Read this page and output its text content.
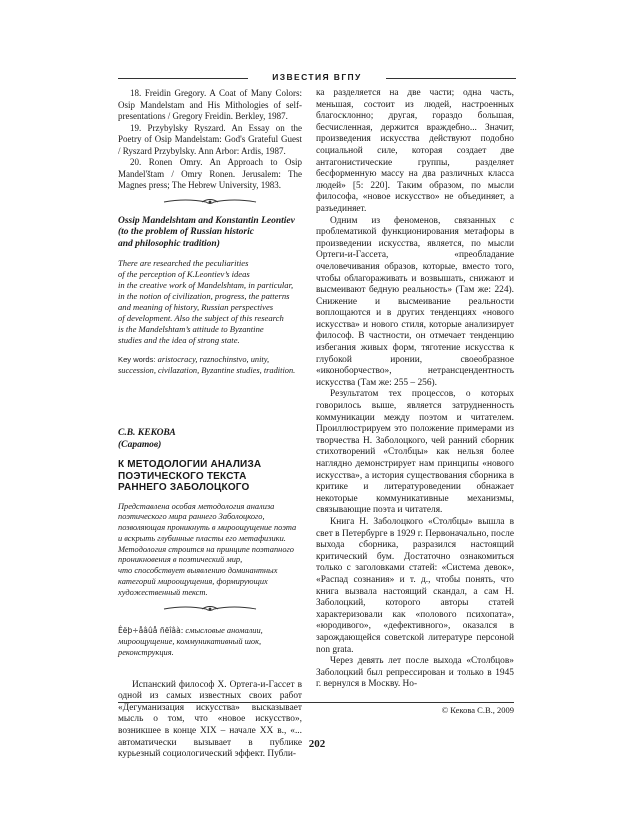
ИЗВЕСТИЯ ВГПУ

18. Freidin Gregory. A Coat of Many Colors: Osip Mandelstam and His Mithologies of self-presentations / Gregory Freidin. Berkley, 1987.

19. Przybylsky Ryszard. An Essay on the Poetry of Osip Mandelstam: God's Grateful Guest / Ryszard Przybylsky. Ann Arbor: Ardis, 1987.

20. Ronen Omry. An Approach to Osip Mandel'štam / Omry Ronen. Jerusalem: The Magnes press; The Hebrew University, 1983.

Ossip Mandelshtam and Konstantin Leontiev

(to the problem of Russian historic

and philosophic tradition)

There are researched the peculiarities
of the perception of K.Leontiev’s ideas
in the creative work of Mandelshtam, in particular,
in the notion of civilization, progress, the patterns
and meaning of history, Russian perspectives
of development. Also the subject of this research
is the Mandelshtam’s attitude to Byzantine
studies and the idea of strong state.

Key words: aristocracy, raznochinstvo, unity, succession, civilazation, Byzantine studies, tradition.

С.В. КЕКОВА

(Саратов)

К МЕТОДОЛОГИИ АНАЛИЗА

ПОЭТИЧЕСКОГО ТЕКСТА

РАННЕГО ЗАБОЛОЦКОГО

Представлена особая методология анализа
поэтического мира раннего Заболоцкого,
позволяющая проникнуть в мироощущение поэта
и вскрыть глубинные пласты его метафизики.
Методология строится на принципе поэтапного
проникновения в поэтический мир,
что способствует выявлению доминантных
категорий мироощущения, формирующих
художественный текст.

Êëþ÷åâûå ñëîâà: смысловые аномалии, мироощущение, коммуникативный шок, реконструкция.

Испанский философ Х. Ортега-и-Гассет в одной из самых известных своих работ «Дегуманизация искусства» высказывает мысль о том, что «новое искусство», возникшее в конце XIX – начале XX в., «... автоматически вызывает в публике курьезный социологический эффект. Публи-

ка разделяется на две части; одна часть, меньшая, состоит из людей, настроенных благосклонно; другая, гораздо большая, бесчисленная, держится враждебно... Значит, произведения искусства действуют подобно социальной силе, которая создает две антагонистические группы, разделяет бесформенную массу на два различных класса людей» [5: 220]. Таким образом, по мысли философа, «новое искусство» не объединяет, а разъединяет.

Одним из феноменов, связанных с проблематикой функционирования метафоры в произведении искусства, является, по мысли Ортеги-и-Гассета, «преобладание очеловечивания образов, которые, вместо того, чтобы облагораживать и возвышать, снижают и высмеивают бедную реальность» (Там же: 224). Снижение и высмеивание реальности воплощаются и в других тенденциях «нового искусства» и нового стиля, которые анализирует философ. В частности, он отмечает тенденцию избегания живых форм, тяготение искусства к глубокой иронии, своеобразное «иконоборчество», нетрансцендентность искусства (Там же: 255 – 256).

Результатом тех процессов, о которых говорилось выше, является затрудненность коммуникации между поэтом и читателем. Проиллюстрируем это положение примерами из творчества Н. Заболоцкого, чей ранний сборник стихотворений «Столбцы» как нельзя более наглядно демонстрирует нам принципы «нового искусства», а история существования сборника в критике и литературоведении обнажает некоторые коммуникативные механизмы, связывающие поэта и читателя.

Книга Н. Заболоцкого «Столбцы» вышла в свет в Петербурге в 1929 г. Первоначально, после выхода сборника, разразился настоящий критический бум. Достаточно ознакомиться только с заголовками статей: «Система девок», «Распад сознания» и т. д., чтобы понять, что книга вызвала настоящий скандал, а сам Н. Заболоцкий, которого авторы статей характеризовали как «полового психопата», «юродивого», «дефективного», оказался в зарождающейся советской литературе персоной non grata.

Через девять лет после выхода «Столбцов» Заболоцкий был репрессирован и только в 1945 г. вернулся в Москву. Но-

© Кекова С.В., 2009
202
